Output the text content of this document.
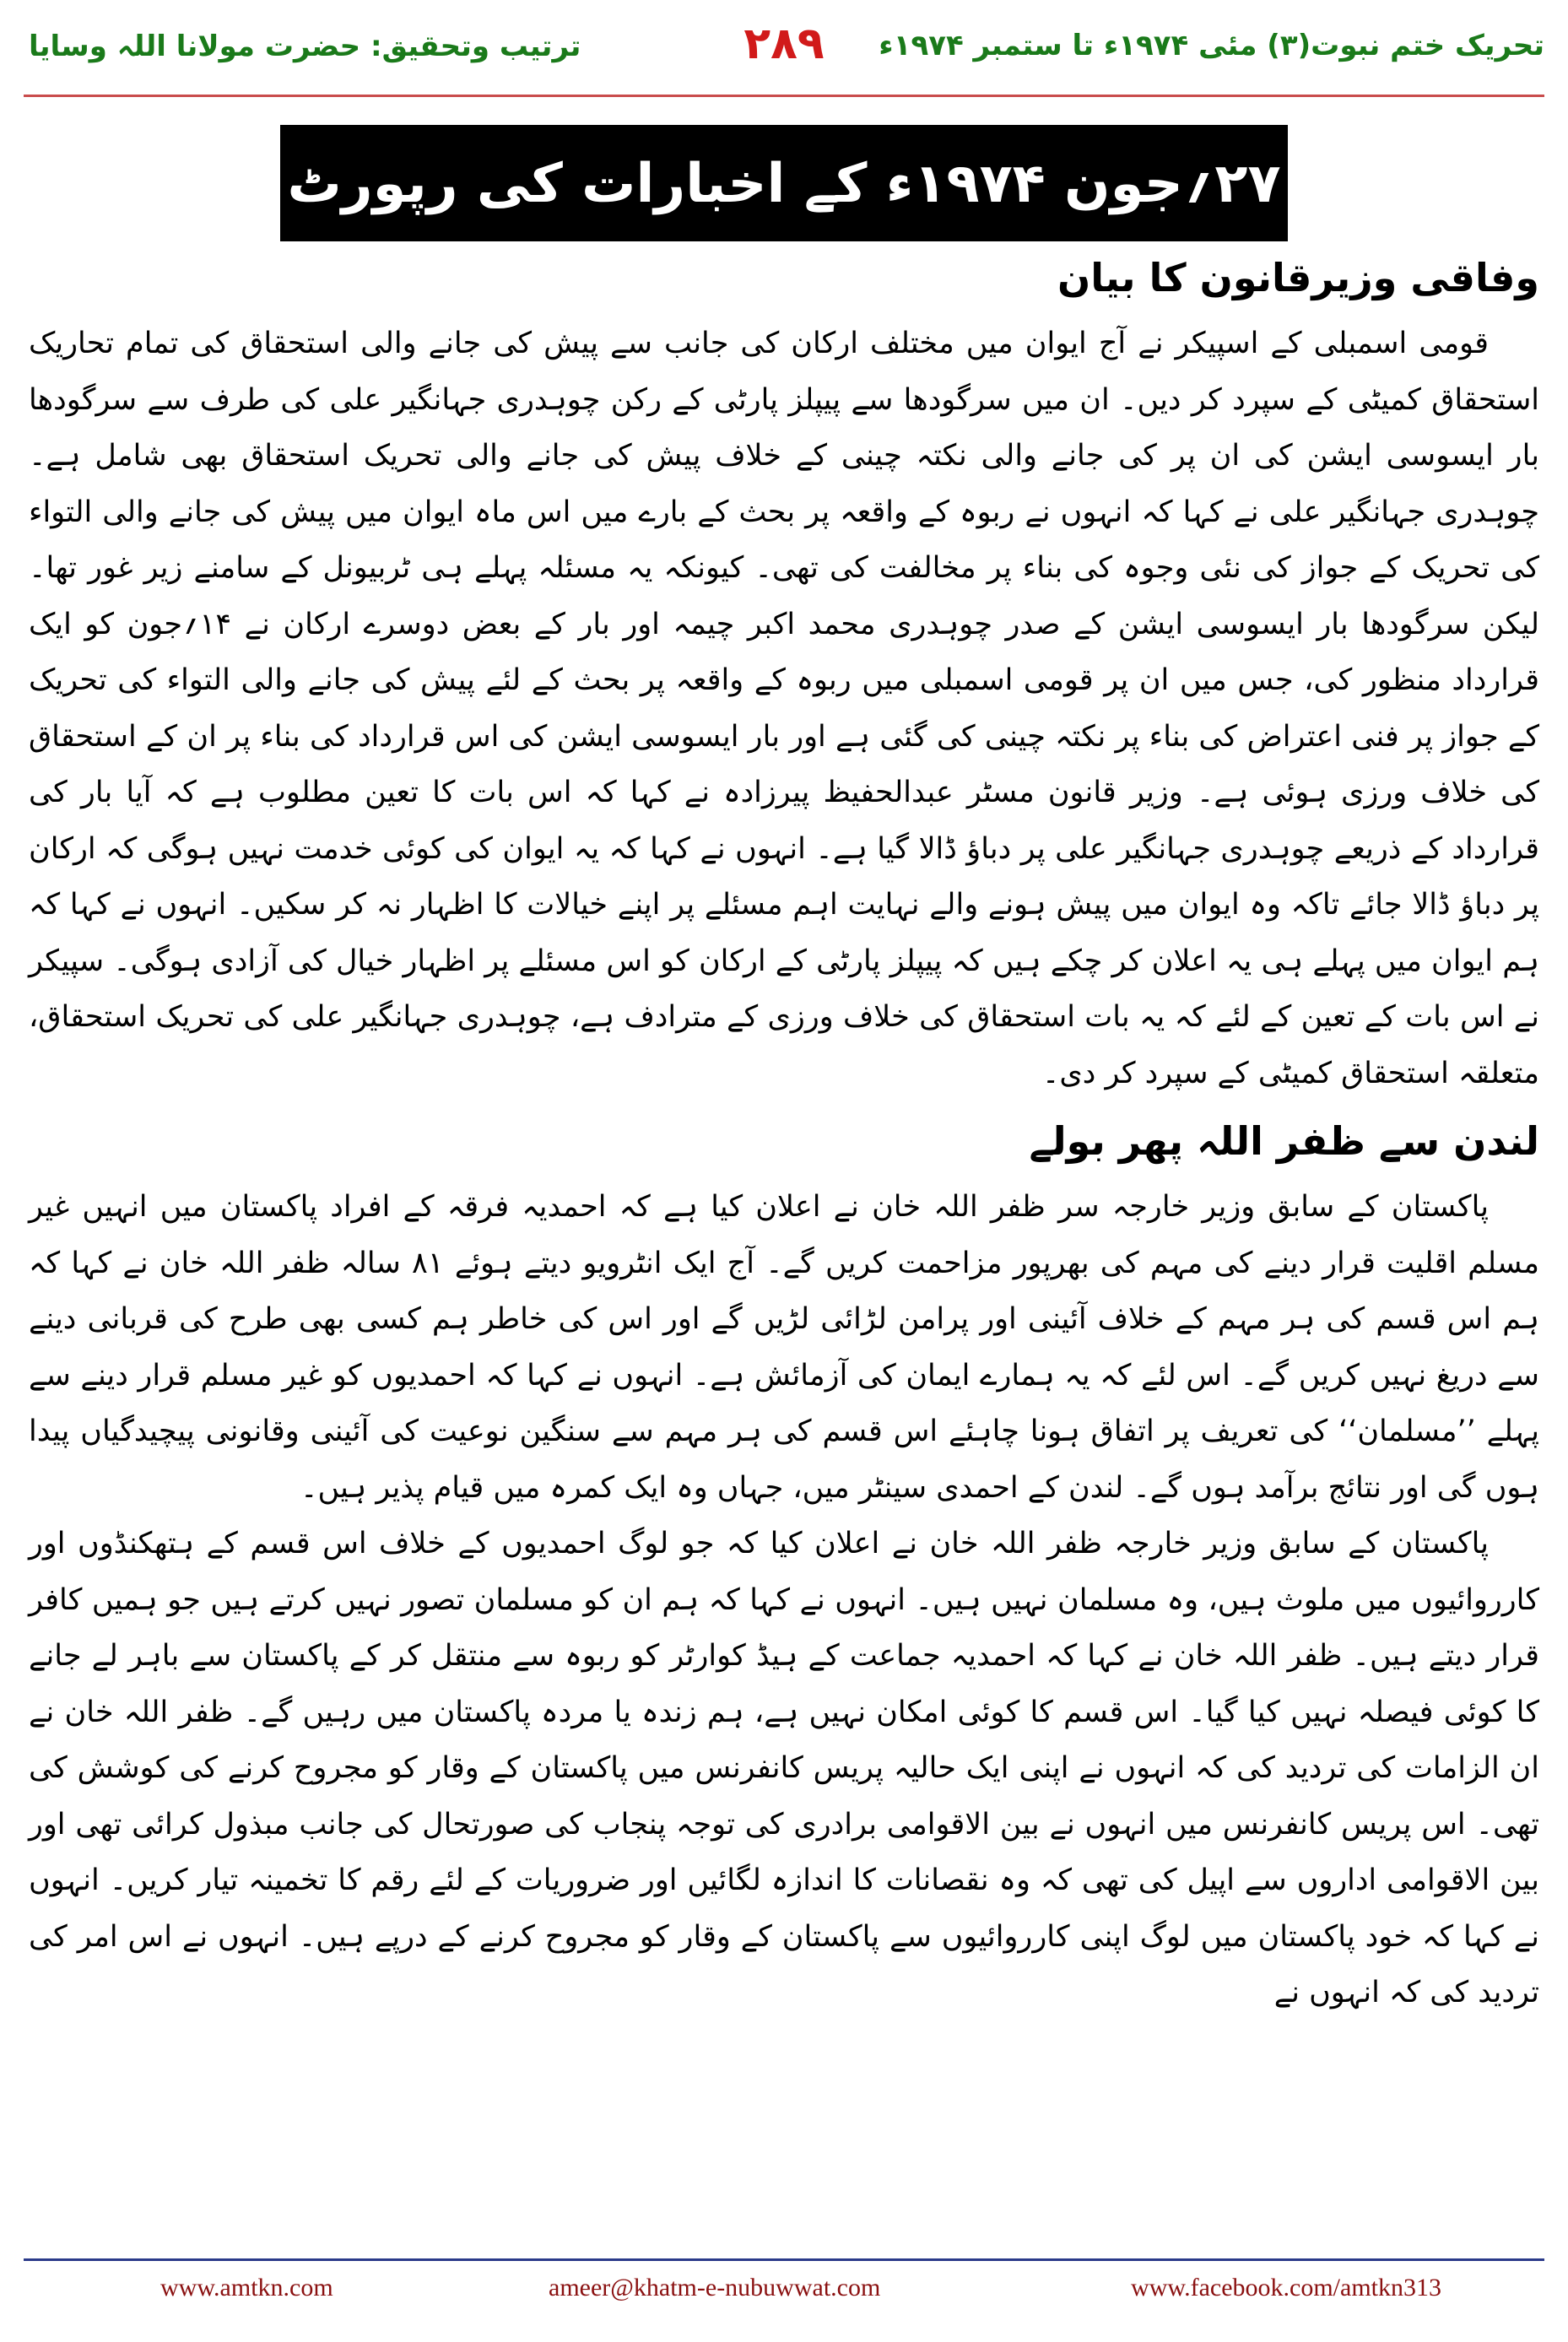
تحریک ختم نبوت(۳) مئی ۱۹۷۴ء تا ستمبر ۱۹۷۴ء
۲۸۹
ترتیب وتحقیق: حضرت مولانا اللہ وسایا
۲۷؍جون ۱۹۷۴ء کے اخبارات کی رپورٹ
وفاقی وزیرقانون کا بیان

قومی اسمبلی کے اسپیکر نے آج ایوان میں مختلف ارکان کی جانب سے پیش کی جانے والی استحقاق کی تمام تحاریک استحقاق کمیٹی کے سپرد کر دیں۔ ان میں سرگودھا سے پیپلز پارٹی کے رکن چوہدری جہانگیر علی کی طرف سے سرگودھا بار ایسوسی ایشن کی ان پر کی جانے والی نکتہ چینی کے خلاف پیش کی جانے والی تحریک استحقاق بھی شامل ہے۔ چوہدری جہانگیر علی نے کہا کہ انہوں نے ربوہ کے واقعہ پر بحث کے بارے میں اس ماہ ایوان میں پیش کی جانے والی التواء کی تحریک کے جواز کی نئی وجوہ کی بناء پر مخالفت کی تھی۔ کیونکہ یہ مسئلہ پہلے ہی ٹربیونل کے سامنے زیر غور تھا۔ لیکن سرگودھا بار ایسوسی ایشن کے صدر چوہدری محمد اکبر چیمہ اور بار کے بعض دوسرے ارکان نے ۱۴؍جون کو ایک قرارداد منظور کی، جس میں ان پر قومی اسمبلی میں ربوہ کے واقعہ پر بحث کے لئے پیش کی جانے والی التواء کی تحریک کے جواز پر فنی اعتراض کی بناء پر نکتہ چینی کی گئی ہے اور بار ایسوسی ایشن کی اس قرارداد کی بناء پر ان کے استحقاق کی خلاف ورزی ہوئی ہے۔ وزیر قانون مسٹر عبدالحفیظ پیرزادہ نے کہا کہ اس بات کا تعین مطلوب ہے کہ آیا بار کی قرارداد کے ذریعے چوہدری جہانگیر علی پر دباؤ ڈالا گیا ہے۔ انہوں نے کہا کہ یہ ایوان کی کوئی خدمت نہیں ہوگی کہ ارکان پر دباؤ ڈالا جائے تاکہ وہ ایوان میں پیش ہونے والے نہایت اہم مسئلے پر اپنے خیالات کا اظہار نہ کر سکیں۔ انہوں نے کہا کہ ہم ایوان میں پہلے ہی یہ اعلان کر چکے ہیں کہ پیپلز پارٹی کے ارکان کو اس مسئلے پر اظہار خیال کی آزادی ہوگی۔ سپیکر نے اس بات کے تعین کے لئے کہ یہ بات استحقاق کی خلاف ورزی کے مترادف ہے، چوہدری جہانگیر علی کی تحریک استحقاق، متعلقہ استحقاق کمیٹی کے سپرد کر دی۔

لندن سے ظفر اللہ پھر بولے

پاکستان کے سابق وزیر خارجہ سر ظفر اللہ خان نے اعلان کیا ہے کہ احمدیہ فرقہ کے افراد پاکستان میں انہیں غیر مسلم اقلیت قرار دینے کی مہم کی بھرپور مزاحمت کریں گے۔ آج ایک انٹرویو دیتے ہوئے ۸۱ سالہ ظفر اللہ خان نے کہا کہ ہم اس قسم کی ہر مہم کے خلاف آئینی اور پرامن لڑائی لڑیں گے اور اس کی خاطر ہم کسی بھی طرح کی قربانی دینے سے دریغ نہیں کریں گے۔ اس لئے کہ یہ ہمارے ایمان کی آزمائش ہے۔ انہوں نے کہا کہ احمدیوں کو غیر مسلم قرار دینے سے پہلے ’’مسلمان‘‘ کی تعریف پر اتفاق ہونا چاہئے اس قسم کی ہر مہم سے سنگین نوعیت کی آئینی وقانونی پیچیدگیاں پیدا ہوں گی اور نتائج برآمد ہوں گے۔ لندن کے احمدی سینٹر میں، جہاں وہ ایک کمرہ میں قیام پذیر ہیں۔

پاکستان کے سابق وزیر خارجہ ظفر اللہ خان نے اعلان کیا کہ جو لوگ احمدیوں کے خلاف اس قسم کے ہتھکنڈوں اور کارروائیوں میں ملوث ہیں، وہ مسلمان نہیں ہیں۔ انہوں نے کہا کہ ہم ان کو مسلمان تصور نہیں کرتے ہیں جو ہمیں کافر قرار دیتے ہیں۔ ظفر اللہ خان نے کہا کہ احمدیہ جماعت کے ہیڈ کوارٹر کو ربوہ سے منتقل کر کے پاکستان سے باہر لے جانے کا کوئی فیصلہ نہیں کیا گیا۔ اس قسم کا کوئی امکان نہیں ہے، ہم زندہ یا مردہ پاکستان میں رہیں گے۔ ظفر اللہ خان نے ان الزامات کی تردید کی کہ انہوں نے اپنی ایک حالیہ پریس کانفرنس میں پاکستان کے وقار کو مجروح کرنے کی کوشش کی تھی۔ اس پریس کانفرنس میں انہوں نے بین الاقوامی برادری کی توجہ پنجاب کی صورتحال کی جانب مبذول کرائی تھی اور بین الاقوامی اداروں سے اپیل کی تھی کہ وہ نقصانات کا اندازہ لگائیں اور ضروریات کے لئے رقم کا تخمینہ تیار کریں۔ انہوں نے کہا کہ خود پاکستان میں لوگ اپنی کارروائیوں سے پاکستان کے وقار کو مجروح کرنے کے درپے ہیں۔ انہوں نے اس امر کی تردید کی کہ انہوں نے

www.amtkn.com	ameer@khatm-e-nubuwwat.com	www.facebook.com/amtkn313
